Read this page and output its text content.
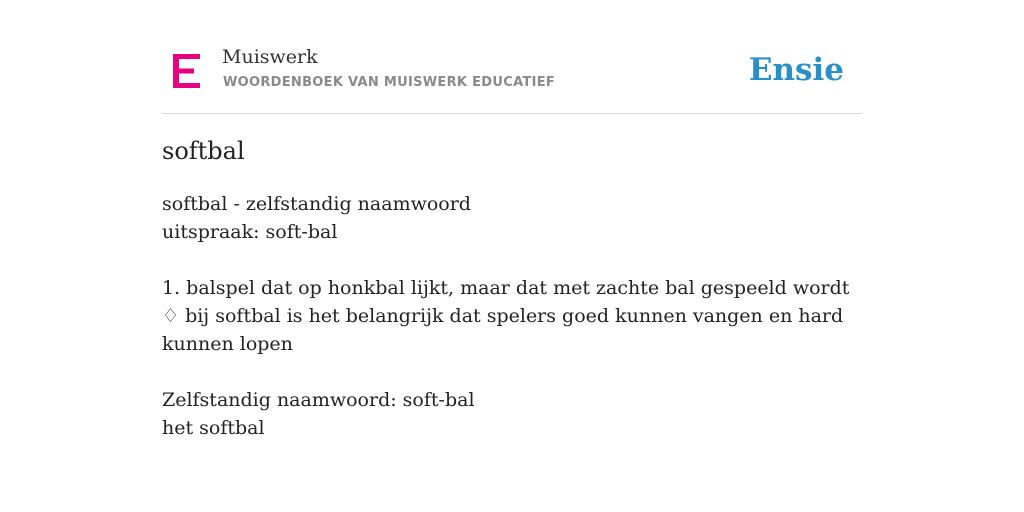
Muiswerk
WOORDENBOEK VAN MUISWERK EDUCATIEF	Ensie
softbal
softbal - zelfstandig naamwoord
uitspraak: soft-bal
1. balspel dat op honkbal lijkt, maar dat met zachte bal gespeeld wordt
♢ bij softbal is het belangrijk dat spelers goed kunnen vangen en hard kunnen lopen
Zelfstandig naamwoord: soft-bal
het softbal
